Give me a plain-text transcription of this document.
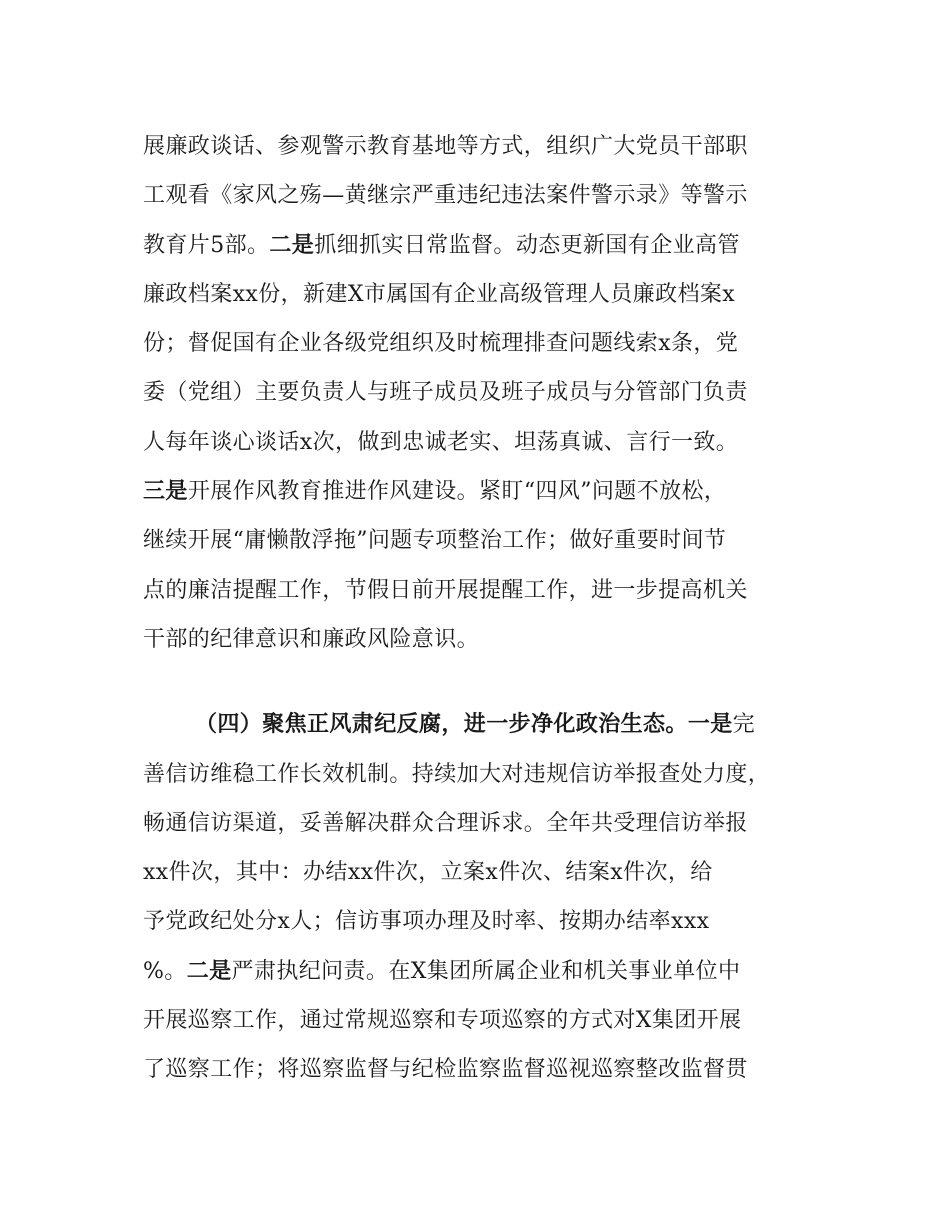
展廉政谈话、参观警示教育基地等方式，组织广大党员干部职
工观看《家风之殇—黄继宗严重违纪违法案件警示录》等警示
教育片5部。二是抓细抓实日常监督。动态更新国有企业高管
廉政档案xx份，新建X市属国有企业高级管理人员廉政档案x
份；督促国有企业各级党组织及时梳理排查问题线索x条，党
委（党组）主要负责人与班子成员及班子成员与分管部门负责
人每年谈心谈话x次，做到忠诚老实、坦荡真诚、言行一致。
三是开展作风教育推进作风建设。紧盯“四风”问题不放松，
继续开展“庸懒散浮拖”问题专项整治工作；做好重要时间节
点的廉洁提醒工作，节假日前开展提醒工作，进一步提高机关
干部的纪律意识和廉政风险意识。
（四）聚焦正风肃纪反腐，进一步净化政治生态。一是完
善信访维稳工作长效机制。持续加大对违规信访举报查处力度，
畅通信访渠道，妥善解决群众合理诉求。全年共受理信访举报
xx件次，其中：办结xx件次，立案x件次、结案x件次，给
予党政纪处分x人；信访事项办理及时率、按期办结率xxx
%。二是严肃执纪问责。在X集团所属企业和机关事业单位中
开展巡察工作，通过常规巡察和专项巡察的方式对X集团开展
了巡察工作；将巡察监督与纪检监察监督巡视巡察整改监督贯
